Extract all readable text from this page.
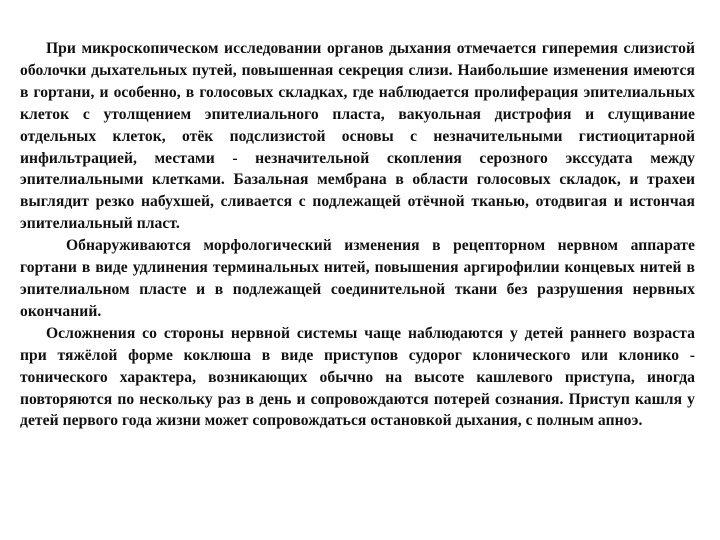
При микроскопическом исследовании органов дыхания отмечается гиперемия слизистой оболочки дыхательных путей, повышенная секреция слизи. Наибольшие изменения имеются в гортани, и особенно, в голосовых складках, где наблюдается пролиферация эпителиальных клеток с утолщением эпителиального пласта, вакуольная дистрофия и слущивание отдельных клеток, отёк подслизистой основы с незначительными гистиоцитарной инфильтрацией, местами - незначительной скопления серозного экссудата между эпителиальными клетками. Базальная мембрана в области голосовых складок, и трахеи выглядит резко набухшей, сливается с подлежащей отёчной тканью, отодвигая и истончая эпителиальный пласт.

Обнаруживаются морфологический изменения в рецепторном нервном аппарате гортани в виде удлинения терминальных нитей, повышения аргирофилии концевых нитей в эпителиальном пласте и в подлежащей соединительной ткани без разрушения нервных окончаний.

Осложнения со стороны нервной системы чаще наблюдаются у детей раннего возраста при тяжёлой форме коклюша в виде приступов судорог клонического или клонико - тонического характера, возникающих обычно на высоте кашлевого приступа, иногда повторяются по нескольку раз в день и сопровождаются потерей сознания. Приступ кашля у детей первого года жизни может сопровождаться остановкой дыхания, с полным апноэ.
